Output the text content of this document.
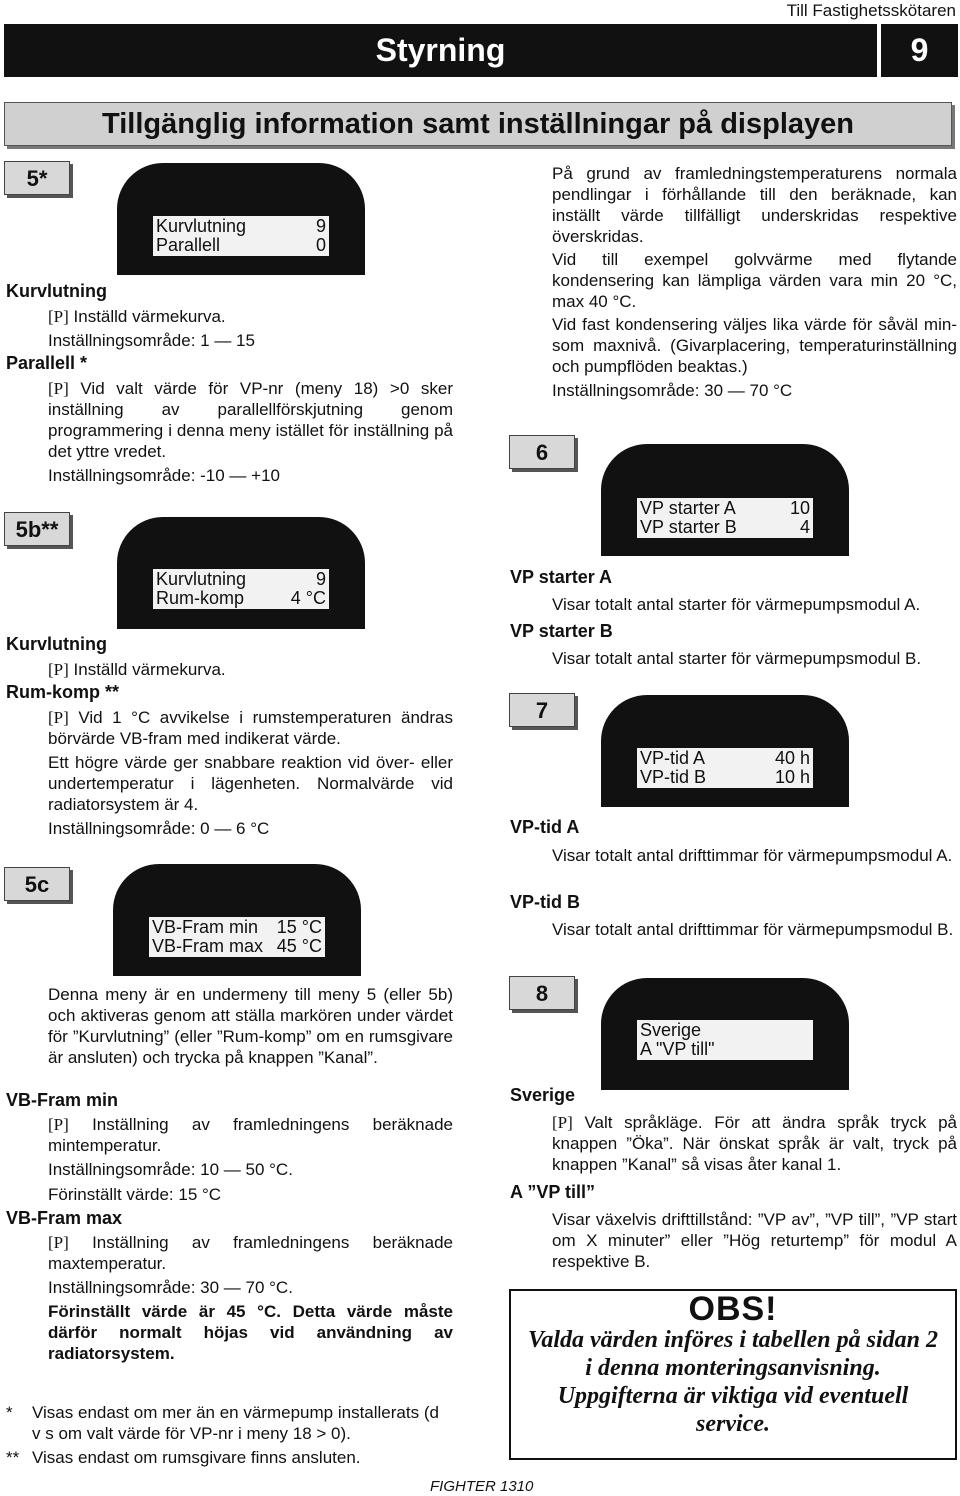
Till Fastighetsskötaren
Styrning	9
Tillgänglig information samt inställningar på displayen
5*
Kurvlutning	9
Parallell	0
Kurvlutning
[P] Inställd värmekurva.
Inställningsområde: 1 — 15
Parallell *
[P] Vid valt värde för VP-nr (meny 18) >0 sker inställning av parallellförskjutning genom programmering i denna meny istället för inställning på det yttre vredet.
Inställningsområde: -10 — +10
5b**
Kurvlutning	9
Rum-komp	4 °C
Kurvlutning
[P] Inställd värmekurva.
Rum-komp **
[P] Vid 1 °C avvikelse i rumstemperaturen ändras börvärde VB-fram med indikerat värde.
Ett högre värde ger snabbare reaktion vid över- eller undertemperatur i lägenheten. Normalvärde vid radiatorsystem är 4.
Inställningsområde: 0 — 6 °C
5c
VB-Fram min 15 °C
VB-Fram max 45 °C
Denna meny är en undermeny till meny 5 (eller 5b) och aktiveras genom att ställa markören under värdet för ”Kurvlutning” (eller ”Rum-komp” om en rumsgivare är ansluten) och trycka på knappen ”Kanal”.
VB-Fram min
[P] Inställning av framledningens beräknade mintemperatur.
Inställningsområde: 10 — 50 °C.
Förinställt värde: 15 °C
VB-Fram max
[P] Inställning av framledningens beräknade maxtemperatur.
Inställningsområde: 30 — 70 °C.
Förinställt värde är 45 °C. Detta värde måste därför normalt höjas vid användning av radiatorsystem.
* Visas endast om mer än en värmepump installerats (d v s om valt värde för VP-nr i meny 18 > 0).
** Visas endast om rumsgivare finns ansluten.
På grund av framledningstemperaturens normala pendlingar i förhållande till den beräknade, kan inställt värde tillfälligt underskridas respektive överskridas.
Vid till exempel golvvärme med flytande kondensering kan lämpliga värden vara min 20 °C, max 40 °C.
Vid fast kondensering väljes lika värde för såväl min- som maxnivå. (Givarplacering, temperaturinställning och pumpflöden beaktas.)
Inställningsområde: 30 — 70 °C
6
VP starter A	10
VP starter B	4
VP starter A
Visar totalt antal starter för värmepumpsmodul A.
VP starter B
Visar totalt antal starter för värmepumpsmodul B.
7
VP-tid A	40 h
VP-tid B	10 h
VP-tid A
Visar totalt antal drifttimmar för värmepumpsmodul A.
VP-tid B
Visar totalt antal drifttimmar för värmepumpsmodul B.
8
Sverige
A "VP till"
Sverige
[P] Valt språkläge. För att ändra språk tryck på knappen ”Öka”. När önskat språk är valt, tryck på knappen ”Kanal” så visas åter kanal 1.
A ”VP till”
Visar växelvis drifttillstånd: ”VP av”, ”VP till”, ”VP start om X minuter” eller ”Hög returtemp” för modul A respektive B.
OBS!
Valda värden införes i tabellen på sidan 2 i denna monteringsanvisning. Uppgifterna är viktiga vid eventuell service.
FIGHTER 1310
